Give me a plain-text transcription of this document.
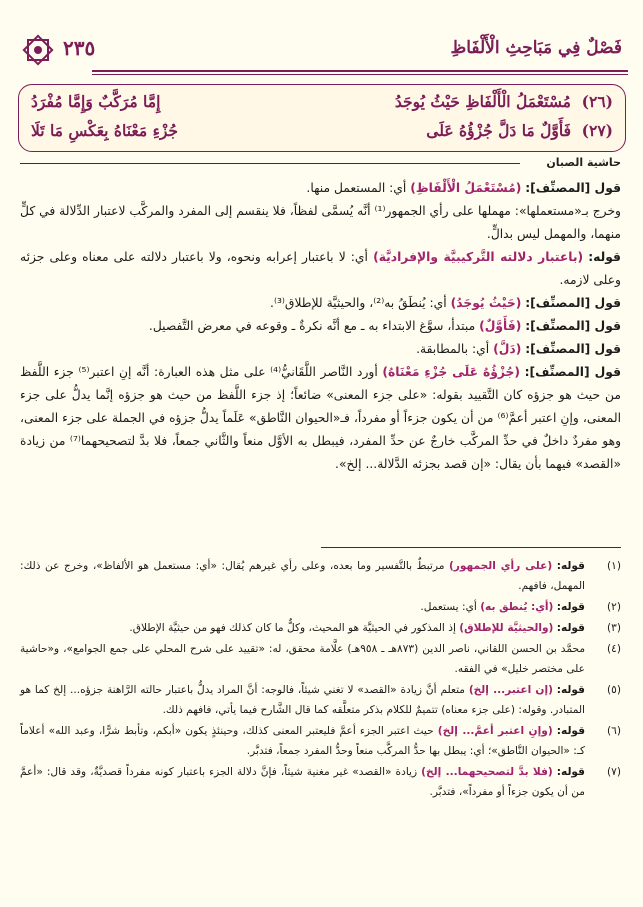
فَصْلٌ فِي مَبَاحِثِ الْأَلْفَاظِ
٢٣٥
(٢٦)
مُسْتَعْمَلُ الْأَلْفَاظِ حَيْثُ يُوجَدُ
إِمَّا مُرَكَّبٌ وَإِمَّا مُفْرَدُ
(٢٧)
فَأَوَّلٌ مَا دَلَّ جُزْؤُهُ عَلَى
جُزْءِ مَعْنَاهُ بِعَكْسِ مَا تَلَا
حاشية الصبان

قول [المصنِّف]: (مُسْتَعْمَلُ الْأَلْفَاظِ) أي: المستعمل منها.

وخرج بـ«مستعملها»: مهملها على رأي الجمهور⁽¹⁾ أنَّه يُسمَّى لفظاً، فلا ينقسم إلى المفرد والمركَّب لاعتبار الدِّلالة في كلٍّ منهما، والمهمل ليس بدالٍّ.

قوله: (باعتبار دلالته التَّركيبيَّة والإفراديَّة) أي: لا باعتبار إعرابه ونحوه، ولا باعتبار دلالته على معناه وعلى جزئه وعلى لازمه.

قول [المصنِّف]: (حَيْثُ يُوجَدُ) أي: يُنطَقُ به⁽²⁾، والحيثيَّة للإطلاق⁽³⁾.

قول [المصنِّف]: (فَأَوَّلٌ) مبتدأ، سوَّغ الابتداء به ـ مع أنَّه نكرةٌ ـ وقوعه في معرض التَّفصيل.

قول [المصنِّف]: (دَلَّ) أي: بالمطابقة.

قول [المصنِّف]: (جُزْؤُهُ عَلَى جُزْءِ مَعْنَاهُ) أورد النَّاصر اللَّقَانيُّ⁽⁴⁾ على مثل هذه العبارة: أنَّه إنِ اعتبر⁽⁵⁾ جزء اللَّفظ من حيث هو جزؤه كان التَّقييد بقوله: «على جزء المعنى» ضائعاً؛ إذ جزء اللَّفظ من حيث هو جزؤه إنَّما يدلُّ على جزء المعنى، وإنِ اعتبر أعمَّ⁽⁶⁾ من أن يكون جزءاً أو مفرداً، فـ«الحيوان النَّاطق» عَلَماً يدلُّ جزؤه في الجملة على جزء المعنى، وهو مفردٌ داخلٌ في حدِّ المركَّب خارجٌ عن حدِّ المفرد، فيبطل به الأوَّل منعاً والثَّاني جمعاً، فلا بدَّ لتصحيحهما⁽⁷⁾ من زيادة «القصد» فيهما بأن يقال: «إن قصد بجزئه الدَّلالة... إلخ».

(١)
قوله: (على رأي الجمهور) مرتبطٌ بالتَّفسير وما بعده، وعلى رأي غيرهم يُقال: «أي: مستعمل هو الألفاظ»، وخرج عن ذلك: المهمل، فافهم.

(٢)
قوله: (أي: يُنطق به) أي: يستعمل.

(٣)
قوله: (والحيثيَّة للإطلاق) إذ المذكور في الحيثيَّة هو المحيث، وكلٌّ ما كان كذلك فهو من حيثيَّة الإطلاق.

(٤)
محمَّد بن الحسن اللقاني، ناصر الدين (٨٧٣هـ ـ ٩٥٨هـ) علَّامة محقق، له: «تقييد على شرح المحلي على جمع الجوامع»، و«حاشية على مختصر خليل» في الفقه.

(٥)
قوله: (إن اعتبر... إلخ) متعلم أنَّ زيادة «القصد» لا تغني شيئاً، فالوجه: أنَّ المراد يدلُّ باعتبار حالته الرَّاهنة جزؤه... إلخ كما هو المتبادر. وقوله: (على جزء معناه) تتميمٌ للكلام بذكر متعلَّقه كما قال الشَّارح فيما يأتي، فافهم ذلك.

(٦)
قوله: (وإنِ اعتبر أعمَّ... إلخ) حيث اعتبر الجزء أعمَّ فليعتبر المعنى كذلك، وحينئذٍ يكون «أبكم، وتأبط شرًّا، وعبد الله» أعلاماً كـ: «الحيوان النَّاطق»؛ أي: يبطل بها حدُّ المركَّب منعاً وحدُّ المفرد جمعاً، فتدبَّر.

(٧)
قوله: (فلا بدَّ لتصحيحهما... إلخ) زيادة «القصد» غير مغنية شيئاً، فإنَّ دلالة الجزء باعتبار كونه مفرداً قصديَّةٌ، وقد قال: «أعمَّ من أن يكون جزءاً أو مفرداً»، فتدبَّر.
